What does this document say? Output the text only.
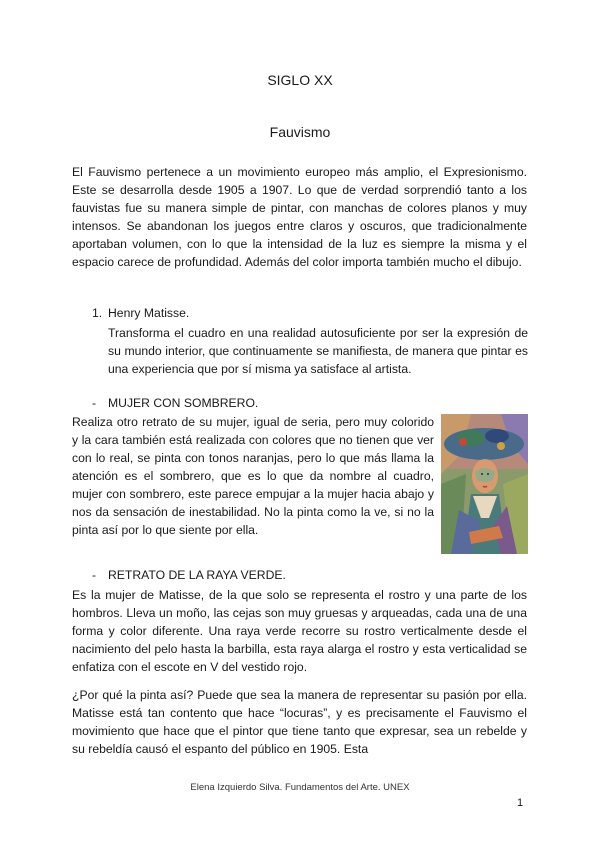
SIGLO XX
Fauvismo
El Fauvismo pertenece a un movimiento europeo más amplio, el Expresionismo. Este se desarrolla desde 1905 a 1907. Lo que de verdad sorprendió tanto a los fauvistas fue su manera simple de pintar, con manchas de colores planos y muy intensos. Se abandonan los juegos entre claros y oscuros, que tradicionalmente aportaban volumen, con lo que la intensidad de la luz es siempre la misma y el espacio carece de profundidad. Además del color importa también mucho el dibujo.
1. Henry Matisse.
Transforma el cuadro en una realidad autosuficiente por ser la expresión de su mundo interior, que continuamente se manifiesta, de manera que pintar es una experiencia que por sí misma ya satisface al artista.
- MUJER CON SOMBRERO.
Realiza otro retrato de su mujer, igual de seria, pero muy colorido y la cara también está realizada con colores que no tienen que ver con lo real, se pinta con tonos naranjas, pero lo que más llama la atención es el sombrero, que es lo que da nombre al cuadro, mujer con sombrero, este parece empujar a la mujer hacia abajo y nos da sensación de inestabilidad. No la pinta como la ve, si no la pinta así por lo que siente por ella.
- RETRATO DE LA RAYA VERDE.
Es la mujer de Matisse, de la que solo se representa el rostro y una parte de los hombros. Lleva un moño, las cejas son muy gruesas y arqueadas, cada una de una forma y color diferente. Una raya verde recorre su rostro verticalmente desde el nacimiento del pelo hasta la barbilla, esta raya alarga el rostro y esta verticalidad se enfatiza con el escote en V del vestido rojo.
¿Por qué la pinta así? Puede que sea la manera de representar su pasión por ella. Matisse está tan contento que hace “locuras”, y es precisamente el Fauvismo el movimiento que hace que el pintor que tiene tanto que expresar, sea un rebelde y su rebeldía causó el espanto del público en 1905. Esta
Elena Izquierdo Silva. Fundamentos del Arte. UNEX
1
